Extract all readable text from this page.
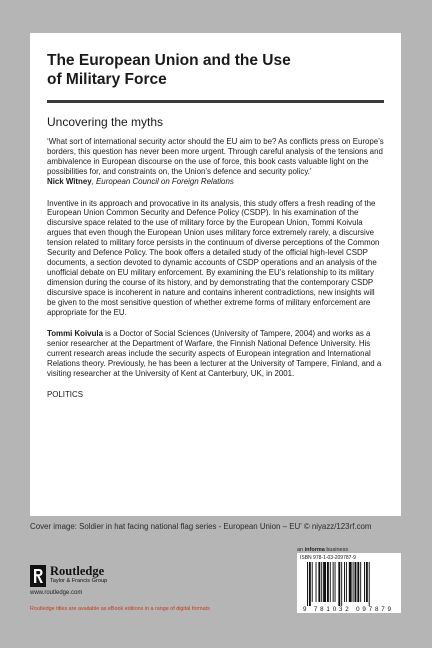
The European Union and the Use
of Military Force
Uncovering the myths

‘What sort of international security actor should the EU aim to be? As conflicts press on Europe’s borders, this question has never been more urgent. Through careful analysis of the tensions and ambivalence in European discourse on the use of force, this book casts valuable light on the possibilities for, and constraints on, the Union’s defence and security policy.’

Nick Witney, European Council on Foreign Relations

Inventive in its approach and provocative in its analysis, this study offers a fresh reading of the European Union Common Security and Defence Policy (CSDP). In his examination of the discursive space related to the use of military force by the European Union, Tommi Koivula argues that even though the European Union uses military force extremely rarely, a discursive tension related to military force persists in the continuum of diverse perceptions of the Common Security and Defence Policy. The book offers a detailed study of the official high-level CSDP documents, a section devoted to dynamic accounts of CSDP operations and an analysis of the unofficial debate on EU military enforcement. By examining the EU’s relationship to its military dimension during the course of its history, and by demonstrating that the contemporary CSDP discursive space is incoherent in nature and contains inherent contradictions, new insights will be given to the most sensitive question of whether extreme forms of military enforcement are appropriate for the EU.

Tommi Koivula is a Doctor of Social Sciences (University of Tampere, 2004) and works as a senior researcher at the Department of Warfare, the Finnish National Defence University. His current research areas include the security aspects of European integration and International Relations theory. Previously, he has been a lecturer at the University of Tampere, Finland, and a visiting researcher at the University of Kent at Canterbury, UK, in 2001.

POLITICS

Cover image: Soldier in hat facing national flag series - European Union – EU’ © niyazz/123rf.com
an informa business
Routledge
Taylor & Francis Group
www.routledge.com
ISBN 978-1-03-209787-9
9 781032 097879
Routledge titles are available as eBook editions in a range of digital formats
